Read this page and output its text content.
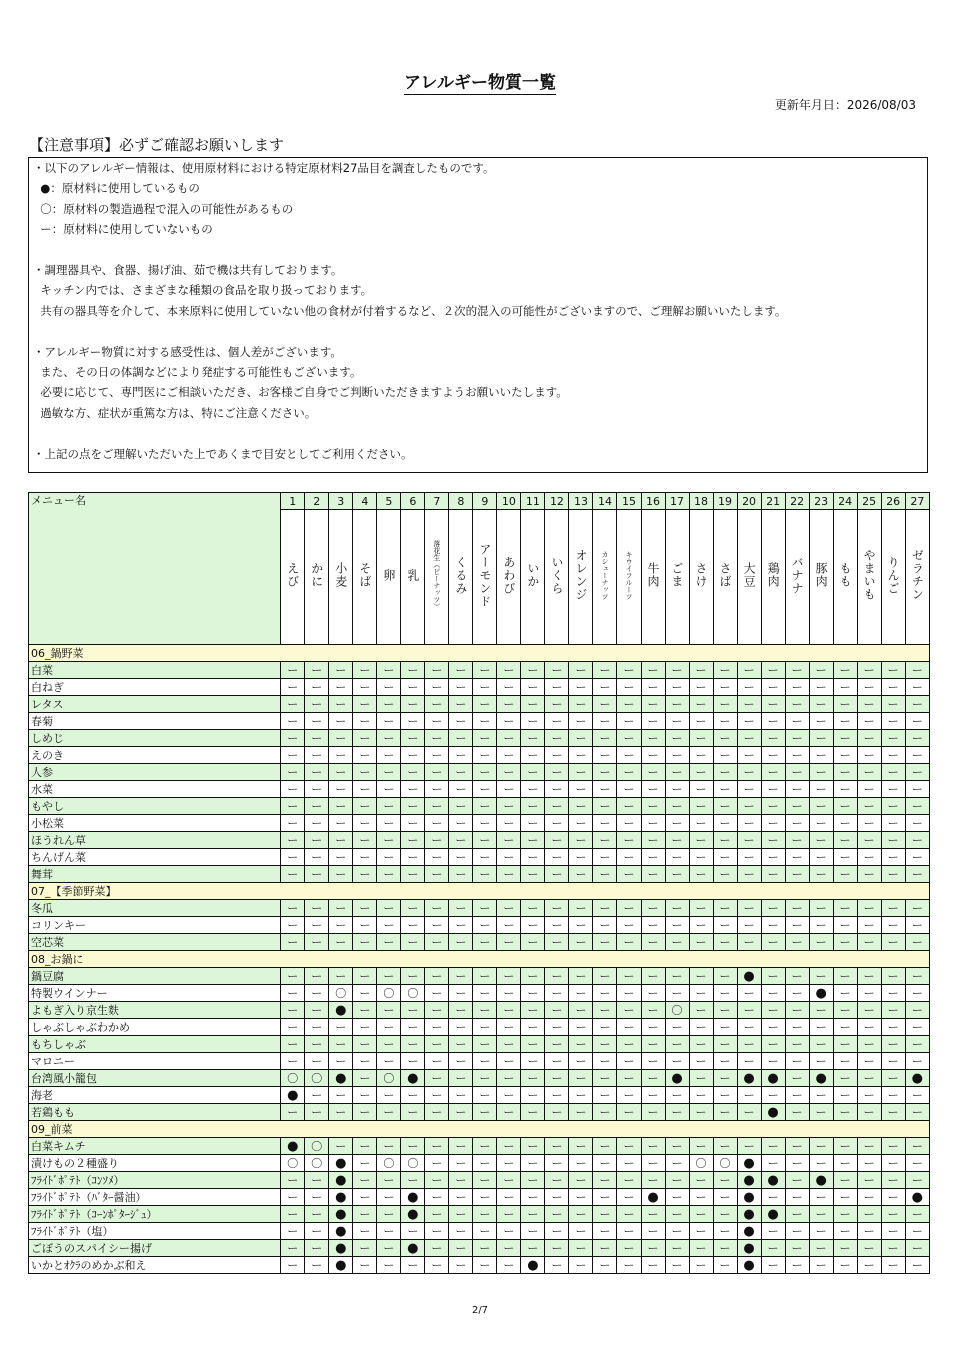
アレルギー物質一覧
更新年月日：2026/08/03
【注意事項】必ずご確認お願いします
・以下のアレルギー情報は、使用原材料における特定原材料27品目を調査したものです。
●：原材料に使用しているもの
〇：原材料の製造過程で混入の可能性があるもの
ー：原材料に使用していないもの
・調理器具や、食器、揚げ油、茹で機は共有しております。
キッチン内では、さまざまな種類の食品を取り扱っております。
共有の器具等を介して、本来原料に使用していない他の食材が付着するなど、２次的混入の可能性がございますので、ご理解お願いいたします。
・アレルギー物質に対する感受性は、個人差がございます。
また、その日の体調などにより発症する可能性もございます。
必要に応じて、専門医にご相談いただき、お客様ご自身でご判断いただきますようお願いいたします。
過敏な方、症状が重篤な方は、特にご注意ください。
・上記の点をご理解いただいた上であくまで目安としてご利用ください。
メニュー名	1	2	3	4	5	6	7	8	9	10	11	12	13	14	15	16	17	18	19	20	21	22	23	24	25	26	27
	えび	かに	小麦	そば	卵	乳	落花生（ピーナッツ）	くるみ	アーモンド	あわび	いか	いくら	オレンジ	カシューナッツ	キウイフルーツ	牛肉	ごま	さけ	さば	大豆	鶏肉	バナナ	豚肉	もも	やまいも	りんご	ゼラチン
06_鍋野菜																											
白菜	ー	ー	ー	ー	ー	ー	ー	ー	ー	ー	ー	ー	ー	ー	ー	ー	ー	ー	ー	ー	ー	ー	ー	ー	ー	ー	ー
白ねぎ	ー	ー	ー	ー	ー	ー	ー	ー	ー	ー	ー	ー	ー	ー	ー	ー	ー	ー	ー	ー	ー	ー	ー	ー	ー	ー	ー
レタス	ー	ー	ー	ー	ー	ー	ー	ー	ー	ー	ー	ー	ー	ー	ー	ー	ー	ー	ー	ー	ー	ー	ー	ー	ー	ー	ー
春菊	ー	ー	ー	ー	ー	ー	ー	ー	ー	ー	ー	ー	ー	ー	ー	ー	ー	ー	ー	ー	ー	ー	ー	ー	ー	ー	ー
しめじ	ー	ー	ー	ー	ー	ー	ー	ー	ー	ー	ー	ー	ー	ー	ー	ー	ー	ー	ー	ー	ー	ー	ー	ー	ー	ー	ー
えのき	ー	ー	ー	ー	ー	ー	ー	ー	ー	ー	ー	ー	ー	ー	ー	ー	ー	ー	ー	ー	ー	ー	ー	ー	ー	ー	ー
人参	ー	ー	ー	ー	ー	ー	ー	ー	ー	ー	ー	ー	ー	ー	ー	ー	ー	ー	ー	ー	ー	ー	ー	ー	ー	ー	ー
水菜	ー	ー	ー	ー	ー	ー	ー	ー	ー	ー	ー	ー	ー	ー	ー	ー	ー	ー	ー	ー	ー	ー	ー	ー	ー	ー	ー
もやし	ー	ー	ー	ー	ー	ー	ー	ー	ー	ー	ー	ー	ー	ー	ー	ー	ー	ー	ー	ー	ー	ー	ー	ー	ー	ー	ー
小松菜	ー	ー	ー	ー	ー	ー	ー	ー	ー	ー	ー	ー	ー	ー	ー	ー	ー	ー	ー	ー	ー	ー	ー	ー	ー	ー	ー
ほうれん草	ー	ー	ー	ー	ー	ー	ー	ー	ー	ー	ー	ー	ー	ー	ー	ー	ー	ー	ー	ー	ー	ー	ー	ー	ー	ー	ー
ちんげん菜	ー	ー	ー	ー	ー	ー	ー	ー	ー	ー	ー	ー	ー	ー	ー	ー	ー	ー	ー	ー	ー	ー	ー	ー	ー	ー	ー
舞茸	ー	ー	ー	ー	ー	ー	ー	ー	ー	ー	ー	ー	ー	ー	ー	ー	ー	ー	ー	ー	ー	ー	ー	ー	ー	ー	ー
07_【季節野菜】																											
冬瓜	ー	ー	ー	ー	ー	ー	ー	ー	ー	ー	ー	ー	ー	ー	ー	ー	ー	ー	ー	ー	ー	ー	ー	ー	ー	ー	ー
コリンキー	ー	ー	ー	ー	ー	ー	ー	ー	ー	ー	ー	ー	ー	ー	ー	ー	ー	ー	ー	ー	ー	ー	ー	ー	ー	ー	ー
空芯菜	ー	ー	ー	ー	ー	ー	ー	ー	ー	ー	ー	ー	ー	ー	ー	ー	ー	ー	ー	ー	ー	ー	ー	ー	ー	ー	ー
08_お鍋に																											
鍋豆腐	ー	ー	ー	ー	ー	ー	ー	ー	ー	ー	ー	ー	ー	ー	ー	ー	ー	ー	ー	●	ー	ー	ー	ー	ー	ー	ー
特製ウインナー	ー	ー	〇	ー	〇	〇	ー	ー	ー	ー	ー	ー	ー	ー	ー	ー	ー	ー	ー	ー	ー	ー	●	ー	ー	ー	ー
よもぎ入り京生麩	ー	ー	●	ー	ー	ー	ー	ー	ー	ー	ー	ー	ー	ー	ー	ー	〇	ー	ー	ー	ー	ー	ー	ー	ー	ー	ー
しゃぶしゃぶわかめ	ー	ー	ー	ー	ー	ー	ー	ー	ー	ー	ー	ー	ー	ー	ー	ー	ー	ー	ー	ー	ー	ー	ー	ー	ー	ー	ー
もちしゃぶ	ー	ー	ー	ー	ー	ー	ー	ー	ー	ー	ー	ー	ー	ー	ー	ー	ー	ー	ー	ー	ー	ー	ー	ー	ー	ー	ー
マロニー	ー	ー	ー	ー	ー	ー	ー	ー	ー	ー	ー	ー	ー	ー	ー	ー	ー	ー	ー	ー	ー	ー	ー	ー	ー	ー	ー
台湾風小籠包	〇	〇	●	ー	〇	●	ー	ー	ー	ー	ー	ー	ー	ー	ー	ー	●	ー	ー	●	●	ー	●	ー	ー	ー	●
海老	●	ー	ー	ー	ー	ー	ー	ー	ー	ー	ー	ー	ー	ー	ー	ー	ー	ー	ー	ー	ー	ー	ー	ー	ー	ー	ー
若鶏もも	ー	ー	ー	ー	ー	ー	ー	ー	ー	ー	ー	ー	ー	ー	ー	ー	ー	ー	ー	ー	●	ー	ー	ー	ー	ー	ー
09_前菜																											
白菜キムチ	●	〇	ー	ー	ー	ー	ー	ー	ー	ー	ー	ー	ー	ー	ー	ー	ー	ー	ー	ー	ー	ー	ー	ー	ー	ー	ー
漬けもの２種盛り	〇	〇	●	ー	〇	〇	ー	ー	ー	ー	ー	ー	ー	ー	ー	ー	ー	〇	〇	●	ー	ー	ー	ー	ー	ー	ー
ﾌﾗｲﾄﾞﾎﾟﾃﾄ（ｺﾝｿﾒ）	ー	ー	●	ー	ー	ー	ー	ー	ー	ー	ー	ー	ー	ー	ー	ー	ー	ー	ー	●	●	ー	●	ー	ー	ー	ー
ﾌﾗｲﾄﾞﾎﾟﾃﾄ（ﾊﾞﾀｰ醤油）	ー	ー	●	ー	ー	●	ー	ー	ー	ー	ー	ー	ー	ー	ー	●	ー	ー	ー	●	ー	ー	ー	ー	ー	ー	●
ﾌﾗｲﾄﾞﾎﾟﾃﾄ（ｺｰﾝﾎﾟﾀｰｼﾞｭ）	ー	ー	●	ー	ー	●	ー	ー	ー	ー	ー	ー	ー	ー	ー	ー	ー	ー	ー	●	●	ー	ー	ー	ー	ー	ー
ﾌﾗｲﾄﾞﾎﾟﾃﾄ（塩）	ー	ー	●	ー	ー	ー	ー	ー	ー	ー	ー	ー	ー	ー	ー	ー	ー	ー	ー	●	ー	ー	ー	ー	ー	ー	ー
ごぼうのスパイシー揚げ	ー	ー	●	ー	ー	●	ー	ー	ー	ー	ー	ー	ー	ー	ー	ー	ー	ー	ー	●	ー	ー	ー	ー	ー	ー	ー
いかとｵｸﾗのめかぶ和え	ー	ー	●	ー	ー	ー	ー	ー	ー	ー	●	ー	ー	ー	ー	ー	ー	ー	ー	●	ー	ー	ー	ー	ー	ー	ー
2/7
